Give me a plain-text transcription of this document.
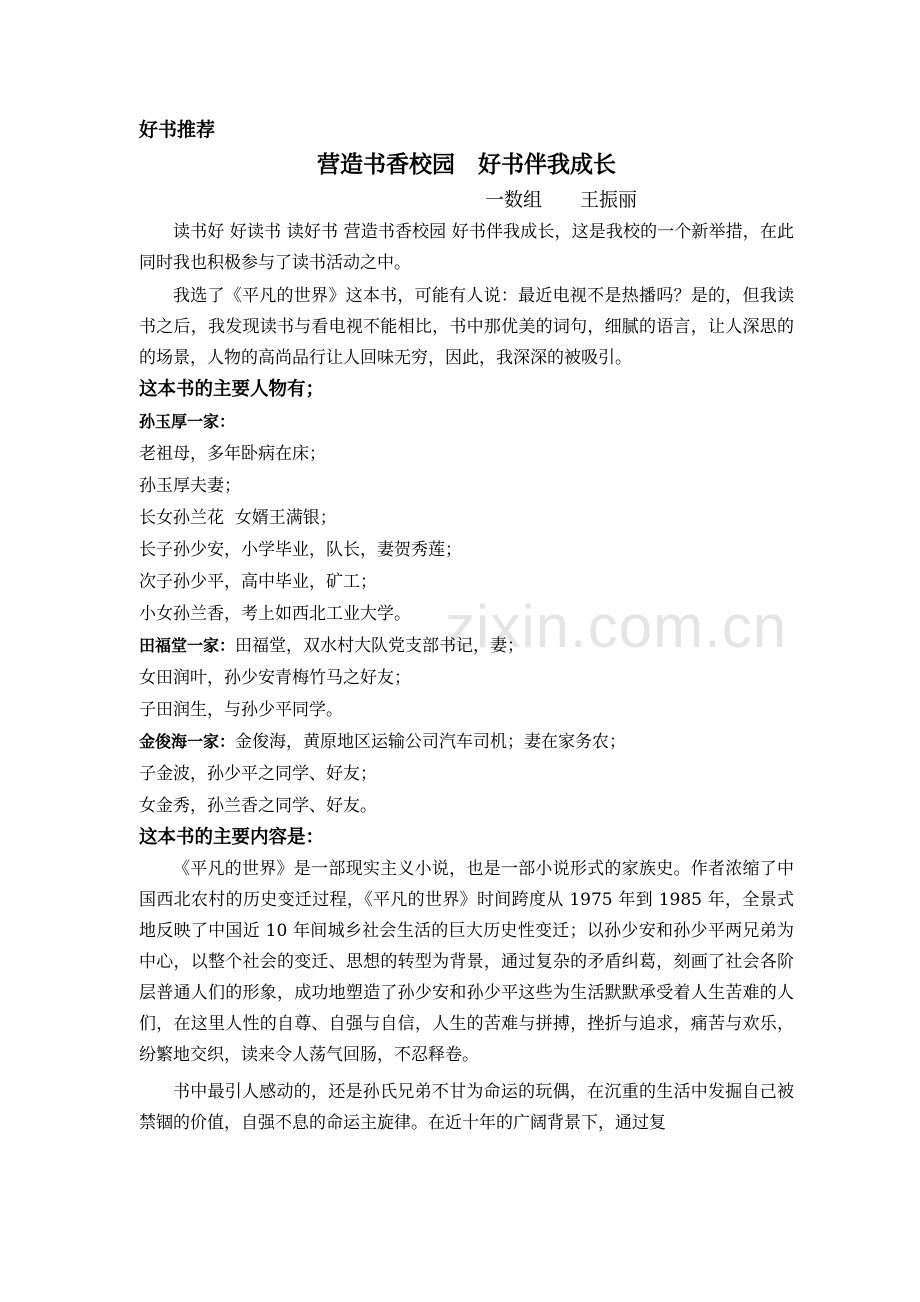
zixin.com.cn
好书推荐
营造书香校园　好书伴我成长
一数组　　王振丽

读书好 好读书 读好书 营造书香校园 好书伴我成长，这是我校的一个新举措，在此同时我也积极参与了读书活动之中。

我选了《平凡的世界》这本书，可能有人说：最近电视不是热播吗？是的，但我读书之后，我发现读书与看电视不能相比，书中那优美的词句，细腻的语言，让人深思的的场景，人物的高尚品行让人回味无穷，因此，我深深的被吸引。

这本书的主要人物有；
孙玉厚一家：
老祖母，多年卧病在床；
孙玉厚夫妻；
长女孙兰花  女婿王满银；
长子孙少安，小学毕业，队长，妻贺秀莲；
次子孙少平，高中毕业，矿工；
小女孙兰香，考上如西北工业大学。
田福堂一家：田福堂，双水村大队党支部书记，妻；
女田润叶，孙少安青梅竹马之好友；
子田润生，与孙少平同学。
金俊海一家：金俊海，黄原地区运输公司汽车司机；妻在家务农；
子金波，孙少平之同学、好友；
女金秀，孙兰香之同学、好友。
这本书的主要内容是：

《平凡的世界》是一部现实主义小说，也是一部小说形式的家族史。作者浓缩了中国西北农村的历史变迁过程，《平凡的世界》时间跨度从 1975 年到 1985 年，全景式地反映了中国近 10 年间城乡社会生活的巨大历史性变迁；以孙少安和孙少平两兄弟为中心，以整个社会的变迁、思想的转型为背景，通过复杂的矛盾纠葛，刻画了社会各阶层普通人们的形象，成功地塑造了孙少安和孙少平这些为生活默默承受着人生苦难的人们，在这里人性的自尊、自强与自信，人生的苦难与拼搏，挫折与追求，痛苦与欢乐，纷繁地交织，读来令人荡气回肠，不忍释卷。

书中最引人感动的，还是孙氏兄弟不甘为命运的玩偶，在沉重的生活中发掘自己被禁锢的价值，自强不息的命运主旋律。在近十年的广阔背景下，通过复
